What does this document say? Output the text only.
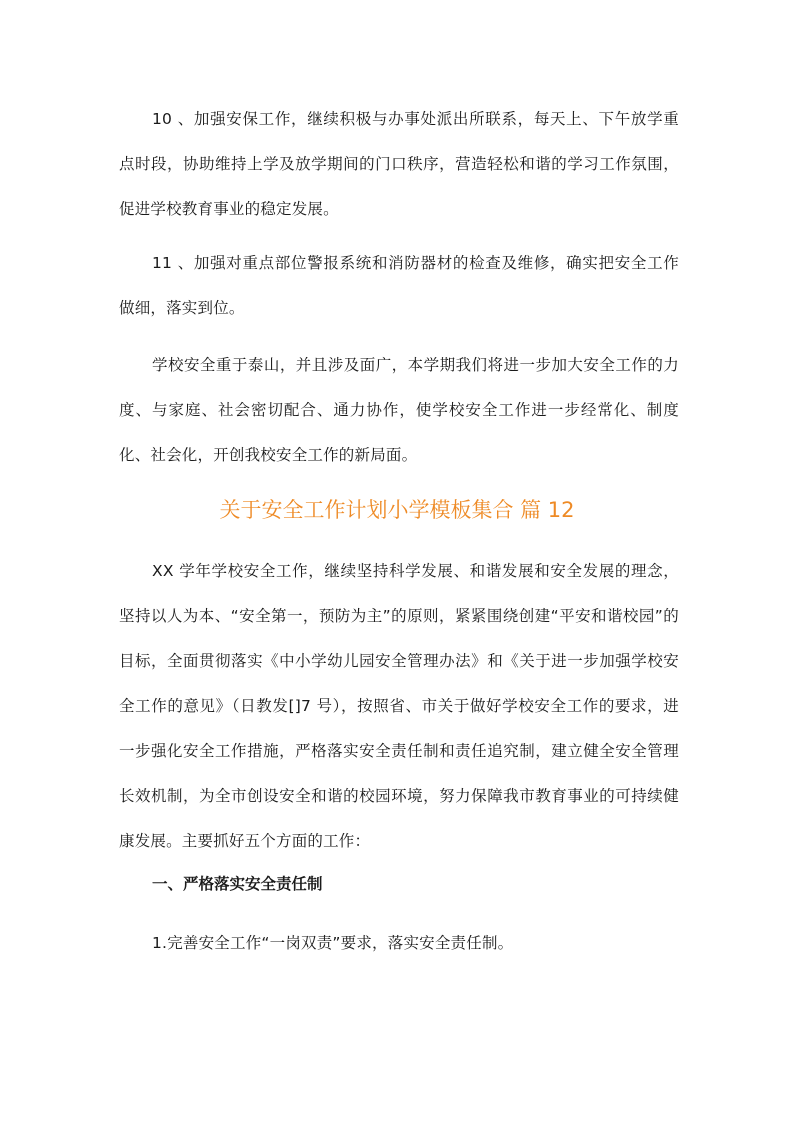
10 、加强安保工作，继续积极与办事处派出所联系，每天上、下午放学重点时段，协助维持上学及放学期间的门口秩序，营造轻松和谐的学习工作氛围，促进学校教育事业的稳定发展。

11 、加强对重点部位警报系统和消防器材的检查及维修，确实把安全工作做细，落实到位。

学校安全重于泰山，并且涉及面广，本学期我们将进一步加大安全工作的力度、与家庭、社会密切配合、通力协作，使学校安全工作进一步经常化、制度化、社会化，开创我校安全工作的新局面。

关于安全工作计划小学模板集合 篇 12

XX 学年学校安全工作，继续坚持科学发展、和谐发展和安全发展的理念，坚持以人为本、“安全第一，预防为主”的原则，紧紧围绕创建“平安和谐校园”的目标，全面贯彻落实《中小学幼儿园安全管理办法》和《关于进一步加强学校安全工作的意见》（日教发[]7 号），按照省、市关于做好学校安全工作的要求，进一步强化安全工作措施，严格落实安全责任制和责任追究制，建立健全安全管理长效机制，为全市创设安全和谐的校园环境，努力保障我市教育事业的可持续健康发展。主要抓好五个方面的工作：

一、严格落实安全责任制

1.完善安全工作“一岗双责”要求，落实安全责任制。
